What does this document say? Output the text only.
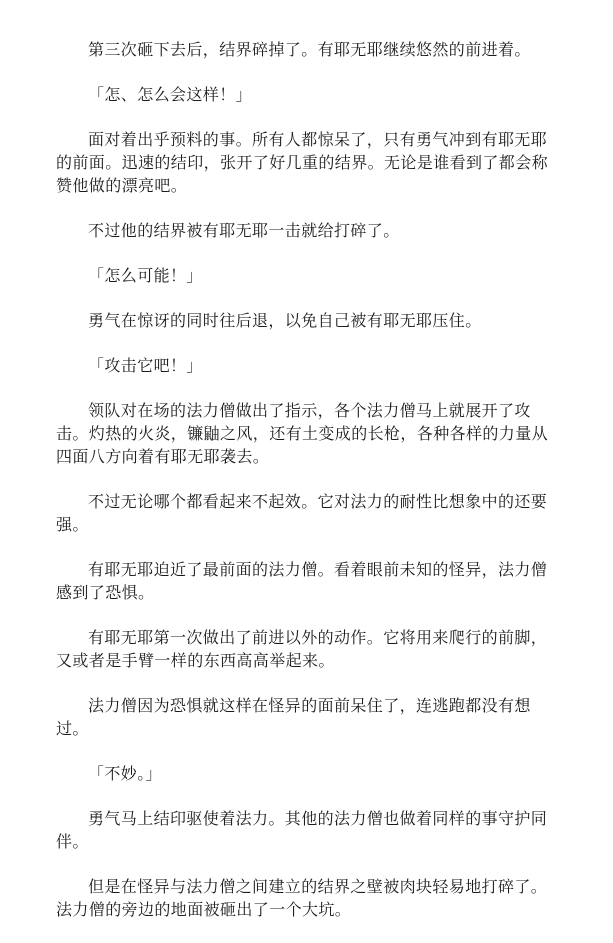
第三次砸下去后，结界碎掉了。有耶无耶继续悠然的前进着。

「怎、怎么会这样！」

面对着出乎预料的事。所有人都惊呆了，只有勇气冲到有耶无耶的前面。迅速的结印，张开了好几重的结界。无论是谁看到了都会称赞他做的漂亮吧。

不过他的结界被有耶无耶一击就给打碎了。

「怎么可能！」

勇气在惊讶的同时往后退，以免自己被有耶无耶压住。

「攻击它吧！」

领队对在场的法力僧做出了指示，各个法力僧马上就展开了攻击。灼热的火炎，镰鼬之风，还有土变成的长枪，各种各样的力量从四面八方向着有耶无耶袭去。

不过无论哪个都看起来不起效。它对法力的耐性比想象中的还要强。

有耶无耶迫近了最前面的法力僧。看着眼前未知的怪异，法力僧感到了恐惧。

有耶无耶第一次做出了前进以外的动作。它将用来爬行的前脚，又或者是手臂一样的东西高高举起来。

法力僧因为恐惧就这样在怪异的面前呆住了，连逃跑都没有想过。

「不妙。」

勇气马上结印驱使着法力。其他的法力僧也做着同样的事守护同伴。

但是在怪异与法力僧之间建立的结界之壁被肉块轻易地打碎了。法力僧的旁边的地面被砸出了一个大坑。
